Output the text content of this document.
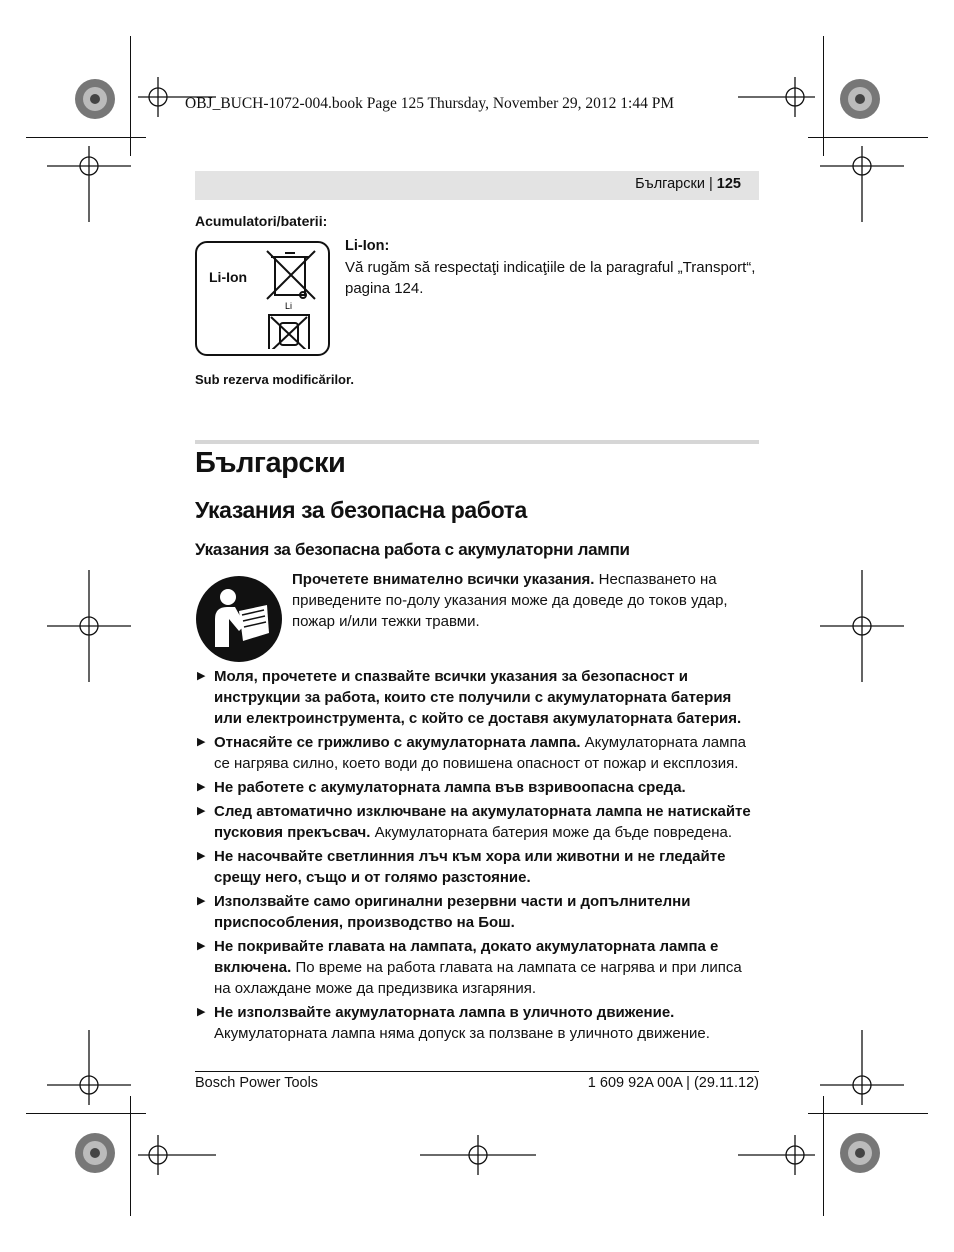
OBJ_BUCH-1072-004.book Page 125 Thursday, November 29, 2012 1:44 PM
Български | 125
Acumulatori/baterii:
Li-Ion
Li
Li-Ion:
Vă rugăm să respectaţi indicaţiile de la paragraful „Transport“, pagina 124.
Sub rezerva modificărilor.
Български
Указания за безопасна работа
Указания за безопасна работа с акумулаторни лампи
Прочетете внимателно всички указания. Неспазването на приведените по-долу указания може да доведе до токов удар, пожар и/или тежки травми.
▶ Моля, прочетете и спазвайте всички указания за безопасност и инструкции за работа, които сте получили с акумулаторната батерия или електроинструмента, с който се доставя акумулаторната батерия.
▶ Отнасяйте се грижливо с акумулаторната лампа. Акумулаторната лампа се нагрява силно, което води до повишена опасност от пожар и експлозия.
▶ Не работете с акумулаторната лампа във взривоопасна среда.
▶ След автоматично изключване на акумулаторната лампа не натискайте пусковия прекъсвач. Акумулаторната батерия може да бъде повредена.
▶ Не насочвайте светлинния лъч към хора или животни и не гледайте срещу него, също и от голямо разстояние.
▶ Използвайте само оригинални резервни части и допълнителни приспособления, производство на Бош.
▶ Не покривайте главата на лампата, докато акумулаторната лампа е включена. По време на работа главата на лампата се нагрява и при липса на охлаждане може да предизвика изгаряния.
▶ Не използвайте акумулаторната лампа в уличното движение. Акумулаторната лампа няма допуск за ползване в уличното движение.
Bosch Power Tools	1 609 92A 00A | (29.11.12)
